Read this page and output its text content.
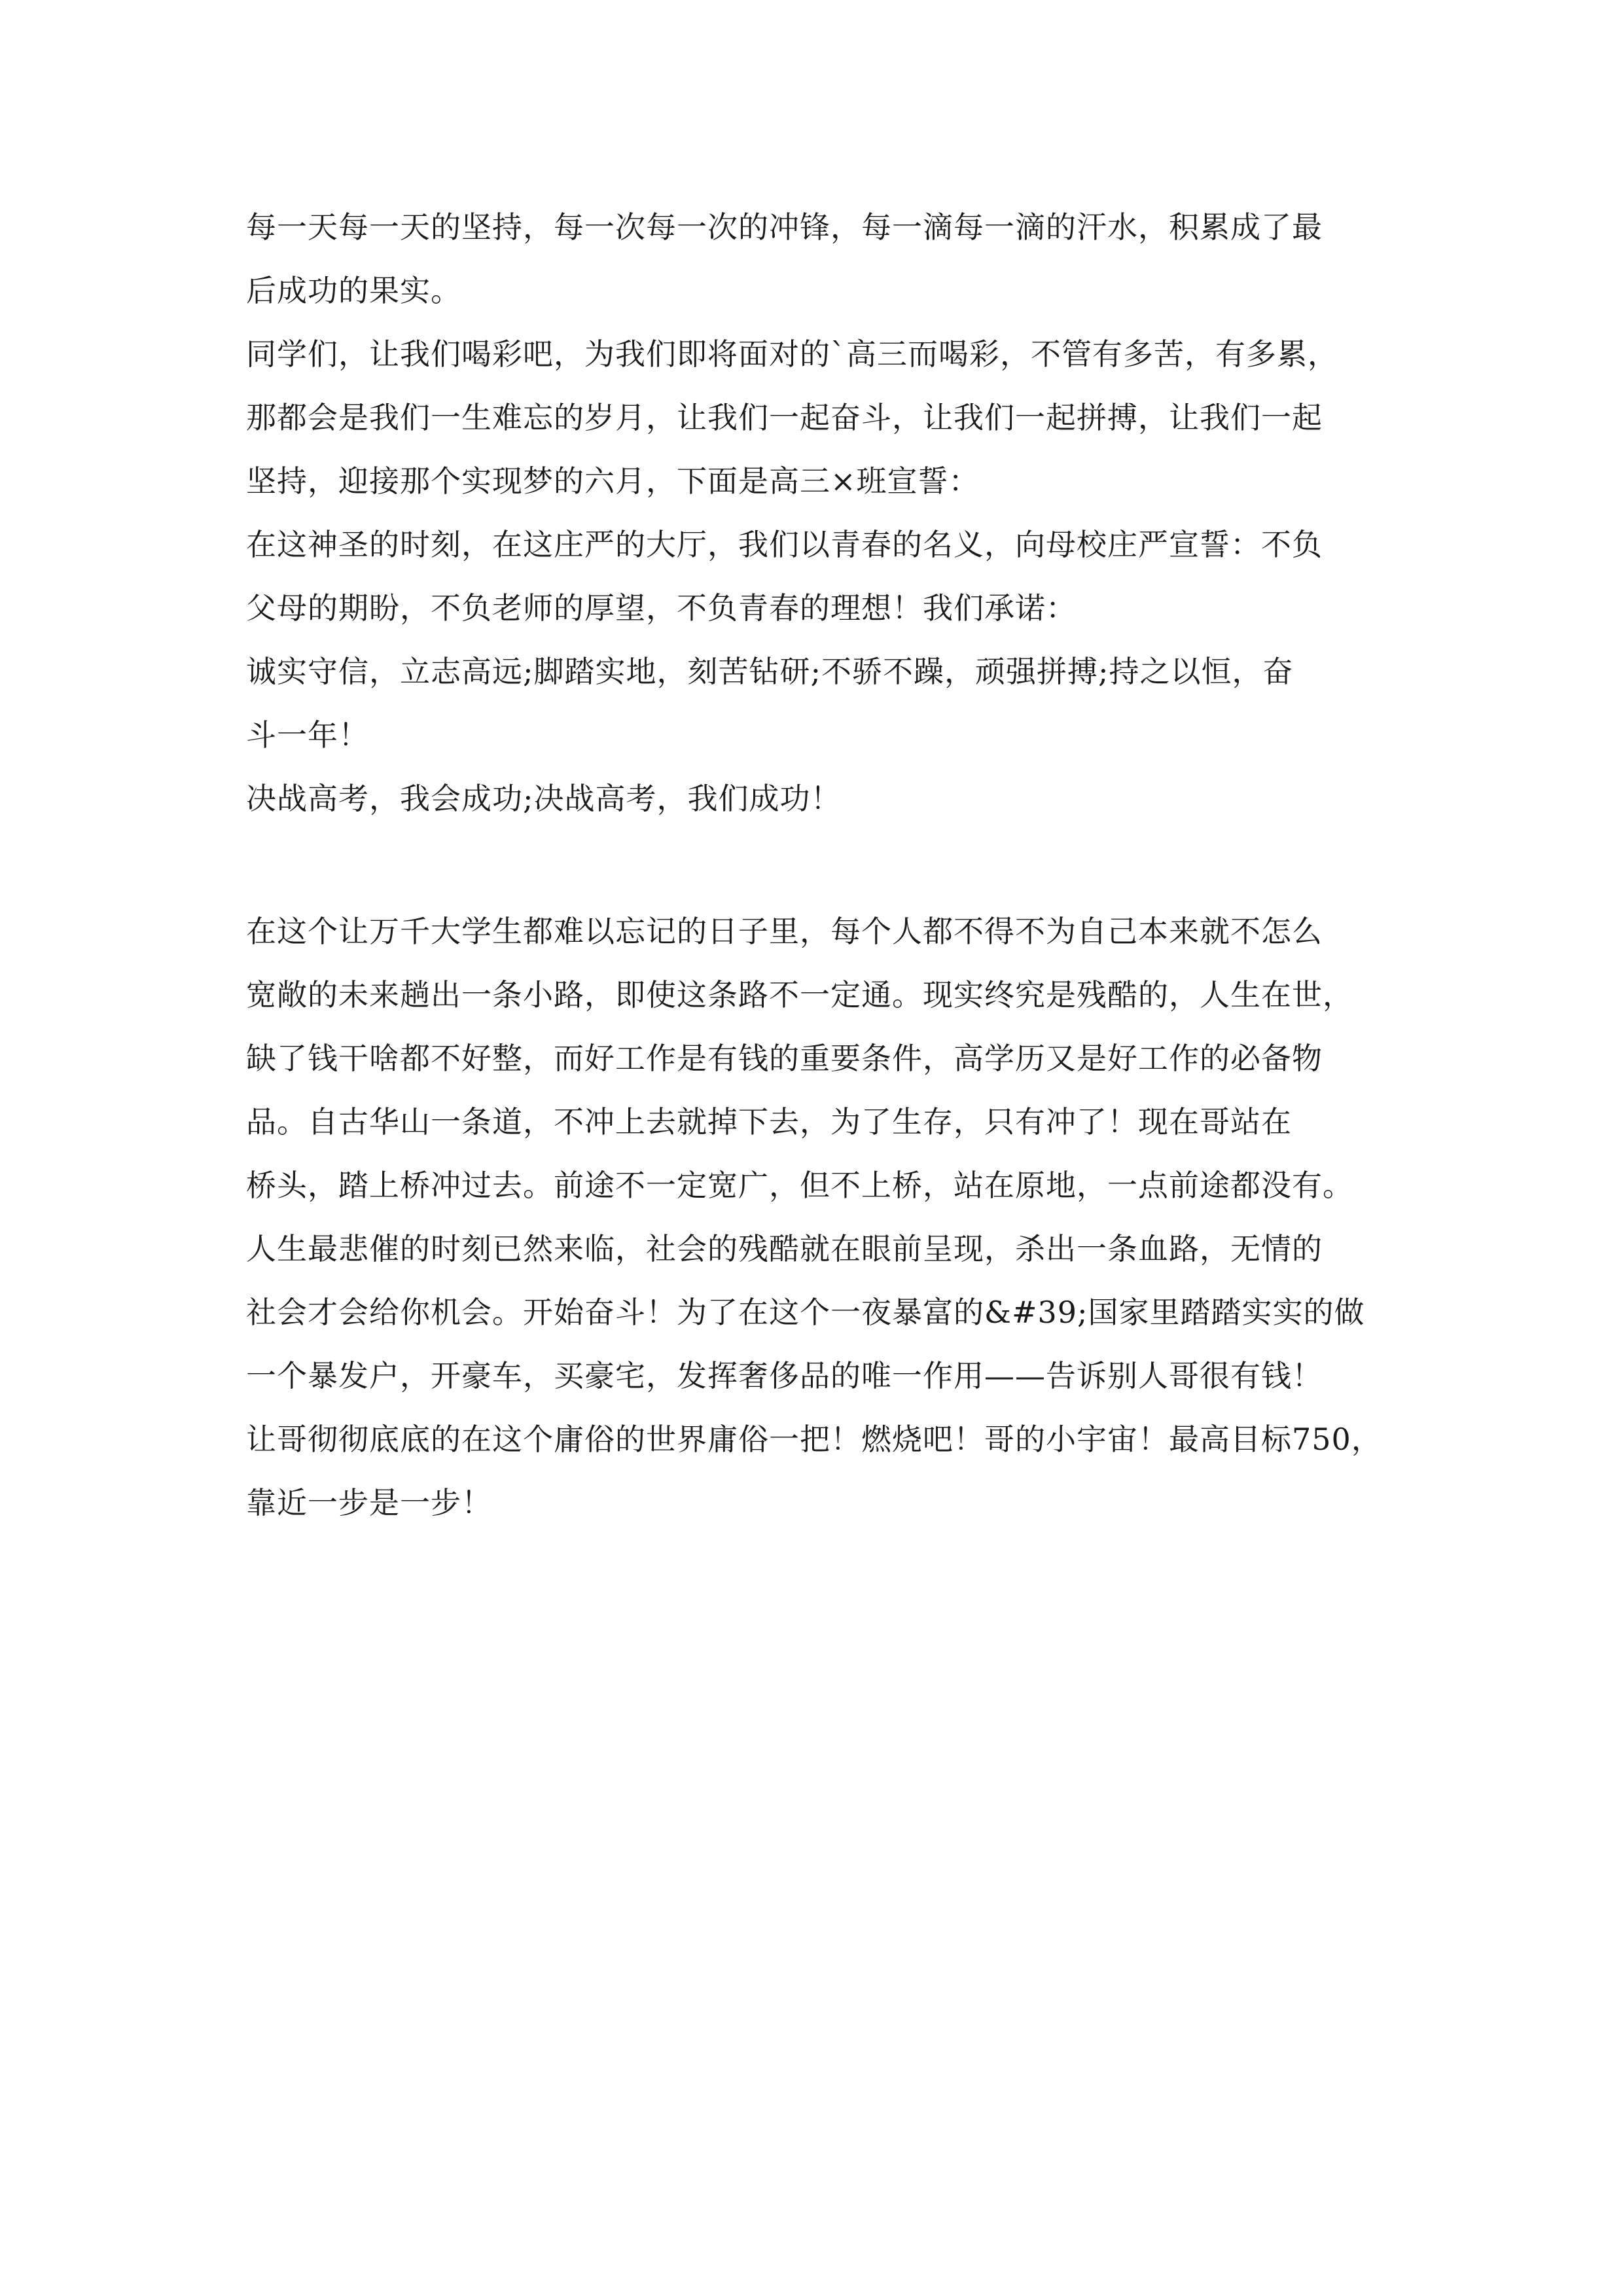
每一天每一天的坚持，每一次每一次的冲锋，每一滴每一滴的汗水，积累成了最
后成功的果实。
同学们，让我们喝彩吧，为我们即将面对的`高三而喝彩，不管有多苦，有多累，
那都会是我们一生难忘的岁月，让我们一起奋斗，让我们一起拼搏，让我们一起
坚持，迎接那个实现梦的六月，下面是高三×班宣誓：
在这神圣的时刻，在这庄严的大厅，我们以青春的名义，向母校庄严宣誓：不负
父母的期盼，不负老师的厚望，不负青春的理想！我们承诺：
诚实守信，立志高远;脚踏实地，刻苦钻研;不骄不躁，顽强拼搏;持之以恒，奋
斗一年！
决战高考，我会成功;决战高考，我们成功！
在这个让万千大学生都难以忘记的日子里，每个人都不得不为自己本来就不怎么
宽敞的未来趟出一条小路，即使这条路不一定通。现实终究是残酷的，人生在世，
缺了钱干啥都不好整，而好工作是有钱的重要条件，高学历又是好工作的必备物
品。自古华山一条道，不冲上去就掉下去，为了生存，只有冲了！现在哥站在
桥头，踏上桥冲过去。前途不一定宽广，但不上桥，站在原地，一点前途都没有。
人生最悲催的时刻已然来临，社会的残酷就在眼前呈现，杀出一条血路，无情的
社会才会给你机会。开始奋斗！为了在这个一夜暴富的&#39;国家里踏踏实实的做
一个暴发户，开豪车，买豪宅，发挥奢侈品的唯一作用——告诉别人哥很有钱！
让哥彻彻底底的在这个庸俗的世界庸俗一把！燃烧吧！哥的小宇宙！最高目标750，
靠近一步是一步！
